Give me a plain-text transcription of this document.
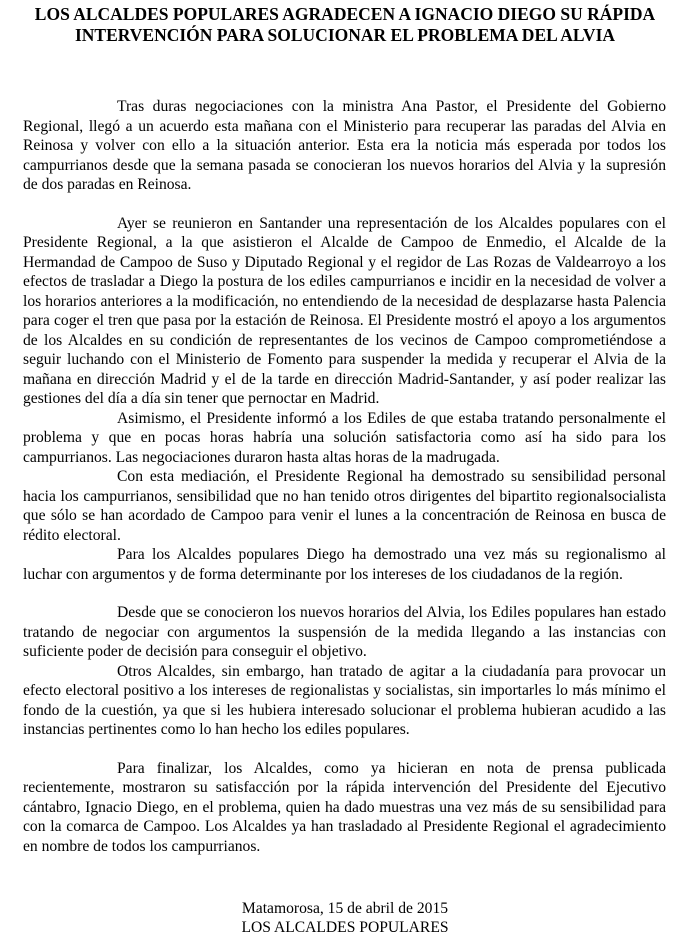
LOS ALCALDES POPULARES AGRADECEN A IGNACIO DIEGO SU RÁPIDA INTERVENCIÓN PARA SOLUCIONAR EL PROBLEMA DEL ALVIA

Tras duras negociaciones con la ministra Ana Pastor, el Presidente del Gobierno Regional, llegó a un acuerdo esta mañana con el Ministerio para recuperar las paradas del Alvia en Reinosa y volver con ello a la situación anterior. Esta era la noticia más esperada por todos los campurrianos desde que la semana pasada se conocieran los nuevos horarios del Alvia y la supresión de dos paradas en Reinosa.

Ayer se reunieron en Santander una representación de los Alcaldes populares con el Presidente Regional, a la que asistieron el Alcalde de Campoo de Enmedio, el Alcalde de la Hermandad de Campoo de Suso y Diputado Regional y el regidor de Las Rozas de Valdearroyo a los efectos de trasladar a Diego la postura de los ediles campurrianos e incidir en la necesidad de volver a los horarios anteriores a la modificación, no entendiendo de la necesidad de desplazarse hasta Palencia para coger el tren que pasa por la estación de Reinosa. El Presidente mostró el apoyo a los argumentos de los Alcaldes en su condición de representantes de los vecinos de Campoo comprometiéndose a seguir luchando con el Ministerio de Fomento para suspender la medida y recuperar el Alvia de la mañana en dirección Madrid y el de la tarde en dirección Madrid-Santander, y así poder realizar las gestiones del día a día sin tener que pernoctar en Madrid.

Asimismo, el Presidente informó a los Ediles de que estaba tratando personalmente el problema y que en pocas horas habría una solución satisfactoria como así ha sido para los campurrianos. Las negociaciones duraron hasta altas horas de la madrugada.

Con esta mediación, el Presidente Regional ha demostrado su sensibilidad personal hacia los campurrianos, sensibilidad que no han tenido otros dirigentes del bipartito regionalsocialista que sólo se han acordado de Campoo para venir el lunes a la concentración de Reinosa en busca de rédito electoral.

Para los Alcaldes populares Diego ha demostrado una vez más su regionalismo al luchar con argumentos y de forma determinante por los intereses de los ciudadanos de la región.

Desde que se conocieron los nuevos horarios del Alvia, los Ediles populares han estado tratando de negociar con argumentos la suspensión de la medida llegando a las instancias con suficiente poder de decisión para conseguir el objetivo.

Otros Alcaldes, sin embargo, han tratado de agitar a la ciudadanía para provocar un efecto electoral positivo a los intereses de regionalistas y socialistas, sin importarles lo más mínimo el fondo de la cuestión, ya que si les hubiera interesado solucionar el problema hubieran acudido a las instancias pertinentes como lo han hecho los ediles populares.

Para finalizar, los Alcaldes, como ya hicieran en nota de prensa publicada recientemente, mostraron su satisfacción por la rápida intervención del Presidente del Ejecutivo cántabro, Ignacio Diego, en el problema, quien ha dado muestras una vez más de su sensibilidad para con la comarca de Campoo. Los Alcaldes ya han trasladado al Presidente Regional el agradecimiento en nombre de todos los campurrianos.

Matamorosa, 15 de abril de 2015
LOS ALCALDES POPULARES
